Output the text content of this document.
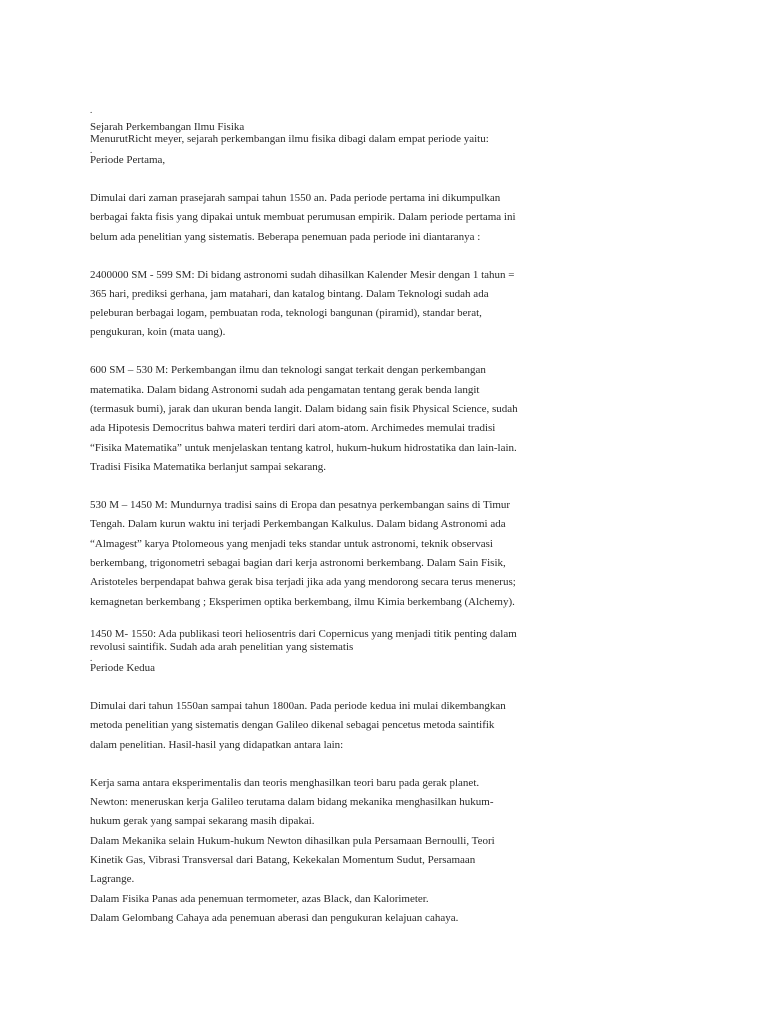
.
Sejarah Perkembangan Ilmu Fisika
MenurutRicht meyer, sejarah perkembangan ilmu fisika dibagi dalam empat periode yaitu:
.
Periode Pertama,
Dimulai dari zaman prasejarah sampai tahun 1550 an. Pada periode pertama ini dikumpulkan
berbagai fakta fisis yang dipakai untuk membuat perumusan empirik. Dalam periode pertama ini
belum ada penelitian yang sistematis. Beberapa penemuan pada periode ini diantaranya :
2400000 SM - 599 SM: Di bidang astronomi sudah dihasilkan Kalender Mesir dengan 1 tahun =
365 hari, prediksi gerhana, jam matahari, dan katalog bintang. Dalam Teknologi sudah ada
peleburan berbagai logam, pembuatan roda, teknologi bangunan (piramid), standar berat,
pengukuran, koin (mata uang).
600 SM – 530 M: Perkembangan ilmu dan teknologi sangat terkait dengan perkembangan
matematika. Dalam bidang Astronomi sudah ada pengamatan tentang gerak benda langit
(termasuk bumi), jarak dan ukuran benda langit. Dalam bidang sain fisik Physical Science, sudah
ada Hipotesis Democritus bahwa materi terdiri dari atom-atom. Archimedes memulai tradisi
“Fisika Matematika” untuk menjelaskan tentang katrol, hukum-hukum hidrostatika dan lain-lain.
Tradisi Fisika Matematika berlanjut sampai sekarang.
530 M – 1450 M: Mundurnya tradisi sains di Eropa dan pesatnya perkembangan sains di Timur
Tengah. Dalam kurun waktu ini terjadi Perkembangan Kalkulus. Dalam bidang Astronomi ada
“Almagest” karya Ptolomeous yang menjadi teks standar untuk astronomi, teknik observasi
berkembang, trigonometri sebagai bagian dari kerja astronomi berkembang. Dalam Sain Fisik,
Aristoteles berpendapat bahwa gerak bisa terjadi jika ada yang mendorong secara terus menerus;
kemagnetan berkembang ; Eksperimen optika berkembang, ilmu Kimia berkembang (Alchemy).
1450 M- 1550: Ada publikasi teori heliosentris dari Copernicus yang menjadi titik penting dalam
revolusi saintifik. Sudah ada arah penelitian yang sistematis
.
Periode Kedua
Dimulai dari tahun 1550an sampai tahun 1800an. Pada periode kedua ini mulai dikembangkan
metoda penelitian yang sistematis dengan Galileo dikenal sebagai pencetus metoda saintifik
dalam penelitian. Hasil-hasil yang didapatkan antara lain:
Kerja sama antara eksperimentalis dan teoris menghasilkan teori baru pada gerak planet.
Newton: meneruskan kerja Galileo terutama dalam bidang mekanika menghasilkan hukum-
hukum gerak yang sampai sekarang masih dipakai.
Dalam Mekanika selain Hukum-hukum Newton dihasilkan pula Persamaan Bernoulli, Teori
Kinetik Gas, Vibrasi Transversal dari Batang, Kekekalan Momentum Sudut, Persamaan
Lagrange.
Dalam Fisika Panas ada penemuan termometer, azas Black, dan Kalorimeter.
Dalam Gelombang Cahaya ada penemuan aberasi dan pengukuran kelajuan cahaya.
